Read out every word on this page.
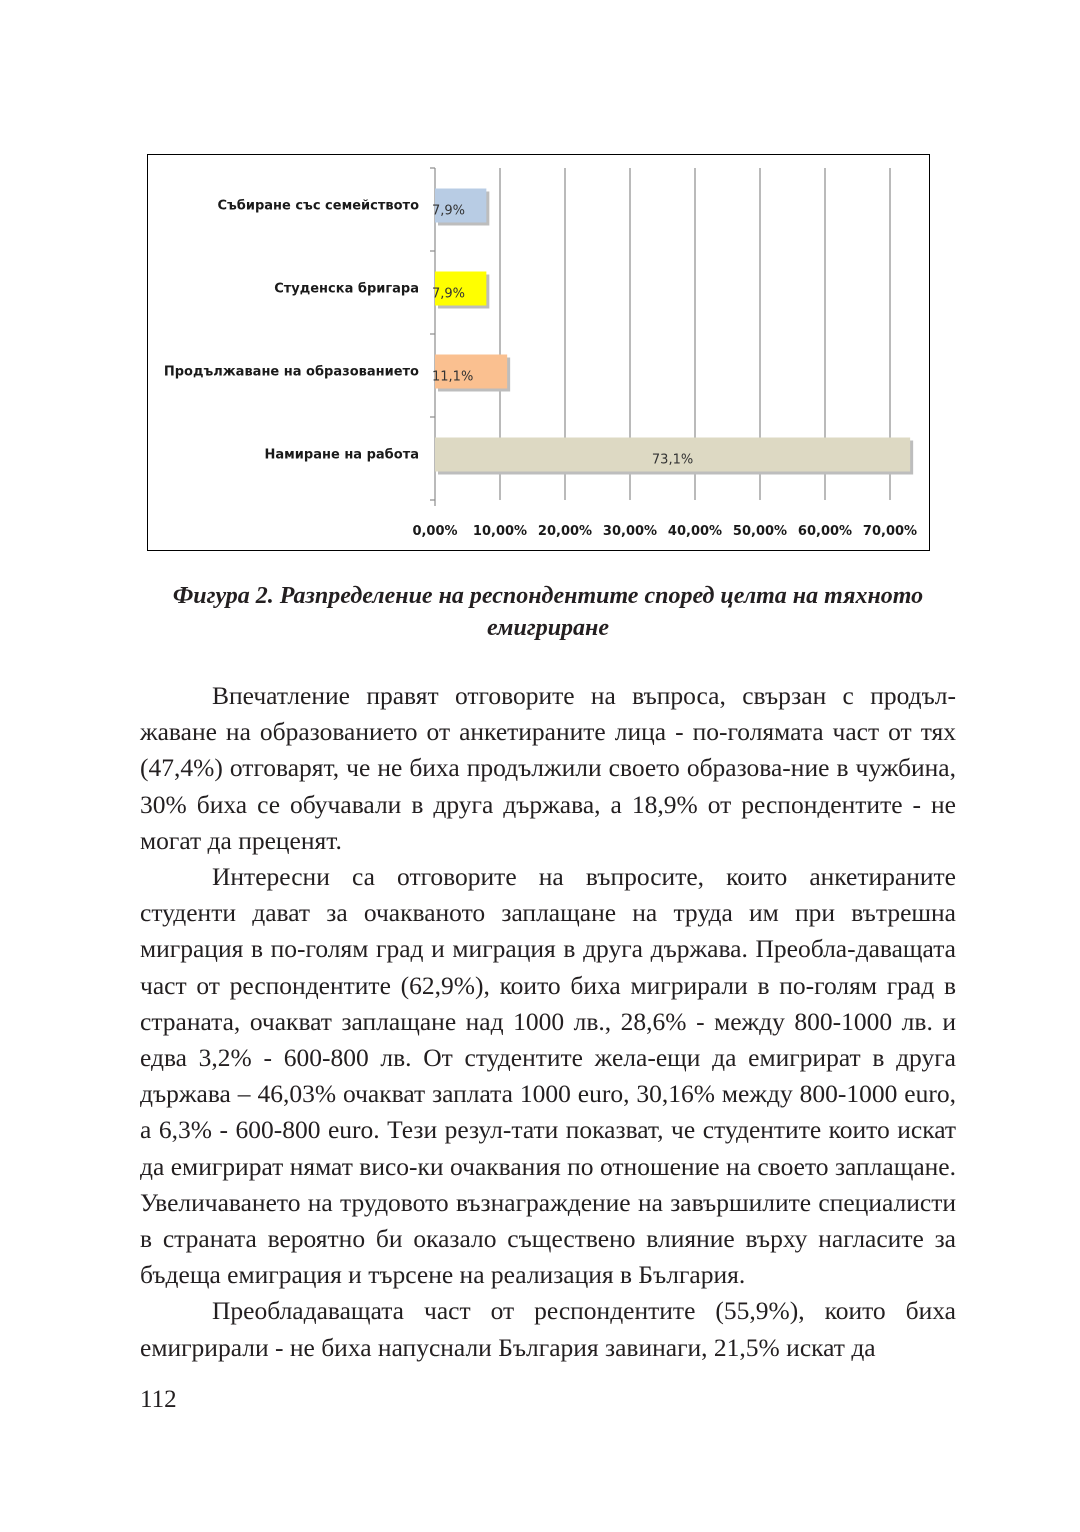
Събиране със семейството 7,9%
Студенска бригара 7,9%
Продължаване на образованието 11,1%
Намиране на работа	73,1%
0,00% 10,00% 20,00% 30,00% 40,00% 50,00% 60,00% 70,00%
Фигура 2. Разпределение на респондентите според целта на тяхното
емигриране

Впечатление правят отговорите на въпроса, свързан с продъл-жаване на образованието от анкетираните лица - по-голямата част от тях (47,4%) отговарят, че не биха продължили своето образова-ние в чужбина, 30% биха се обучавали в друга държава, а 18,9% от респондентите - не могат да преценят.

Интересни са отговорите на въпросите, които анкетираните студенти дават за очакваното заплащане на труда им при вътрешна миграция в по-голям град и миграция в друга държава. Преобла-даващата част от респондентите (62,9%), които биха мигрирали в по-голям град в страната, очакват заплащане над 1000 лв., 28,6% - между 800-1000 лв. и едва 3,2% - 600-800 лв. От студентите жела-ещи да емигрират в друга държава – 46,03% очакват заплата 1000 euro, 30,16% между 800-1000 euro, а 6,3% - 600-800 euro. Тези резул-тати показват, че студентите които искат да емигрират нямат висо-ки очаквания по отношение на своето заплащане. Увеличаването на трудовото възнаграждение на завършилите специалисти в страната вероятно би оказало съществено влияние върху нагласите за бъдеща емиграция и търсене на реализация в България.

Преобладаващата част от респондентите (55,9%), които биха емигрирали - не биха напуснали България завинаги, 21,5% искат да

112
